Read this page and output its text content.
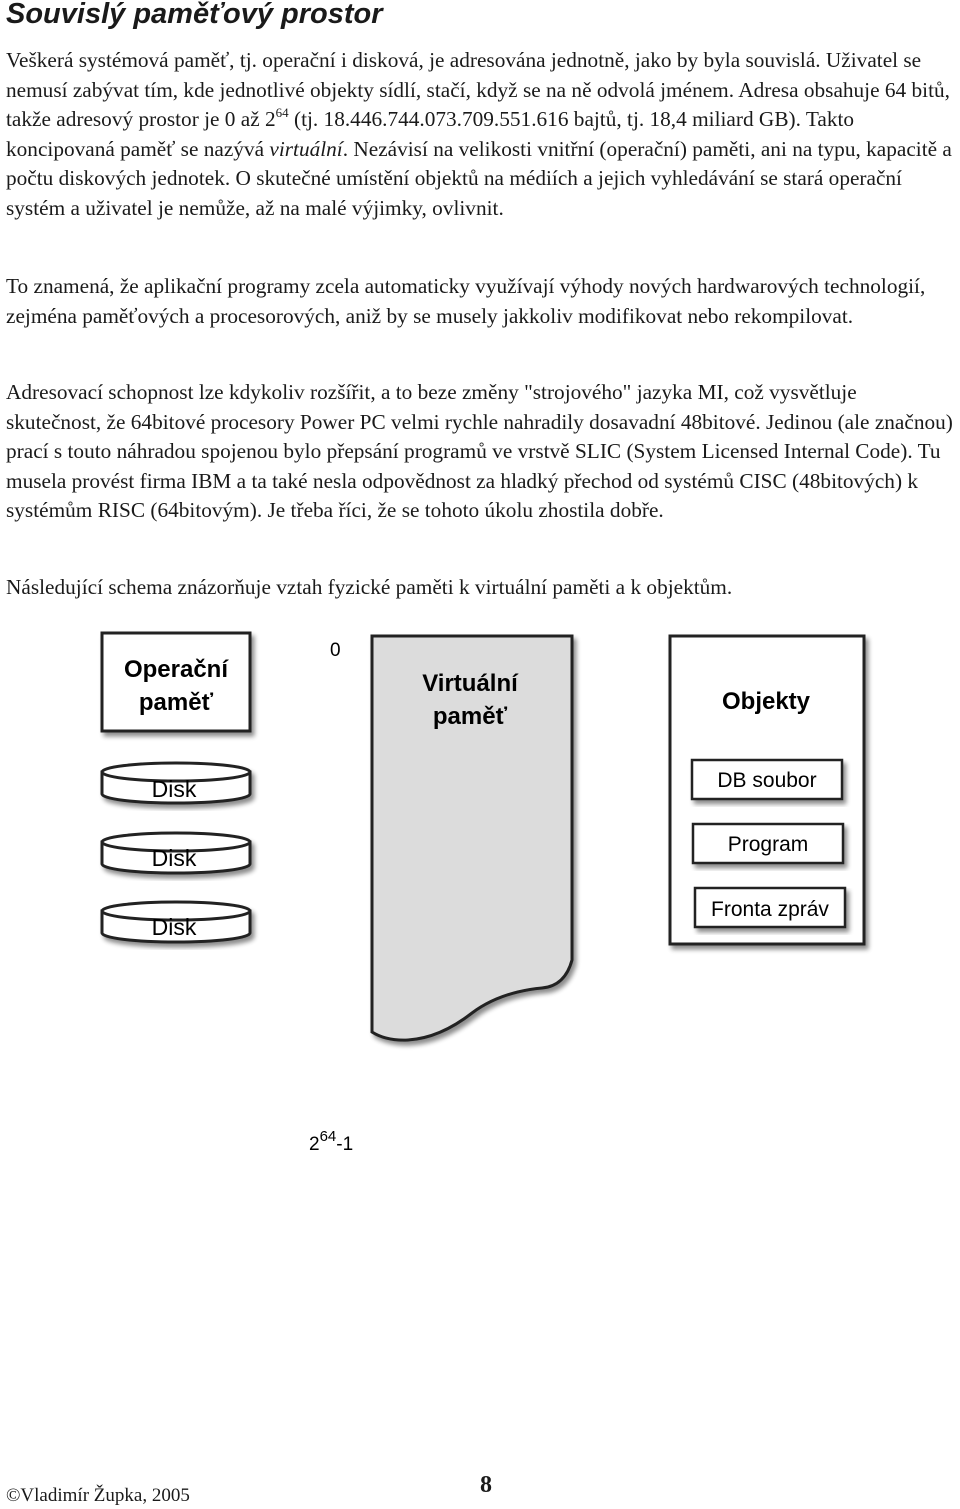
Souvislý paměťový prostor

Veškerá systémová paměť, tj. operační i disková, je adresována jednotně, jako by byla souvislá. Uživatel se nemusí zabývat tím, kde jednotlivé objekty sídlí, stačí, když se na ně odvolá jménem. Adresa obsahuje 64 bitů, takže adresový prostor je 0 až $2^{64}$ (tj. 18.446.744.073.709.551.616 bajtů, tj. 18,4 miliard GB). Takto koncipovaná paměť se nazývá virtuální. Nezávisí na velikosti vnitřní (operační) paměti, ani na typu, kapacitě a počtu diskových jednotek. O skutečné umístění objektů na médiích a jejich vyhledávání se stará operační systém a uživatel je nemůže, až na malé výjimky, ovlivnit.

To znamená, že aplikační programy zcela automaticky využívají výhody nových hardwarových technologií, zejména paměťových a procesorových, aniž by se musely jakkoliv modifikovat nebo rekompilovat.

Adresovací schopnost lze kdykoliv rozšířit, a to beze změny "strojového" jazyka MI, což vysvětluje skutečnost, že 64bitové procesory Power PC velmi rychle nahradily dosavadní 48bitové. Jedinou (ale značnou) prací s touto náhradou spojenou bylo přepsání programů ve vrstvě SLIC (System Licensed Internal Code). Tu musela provést firma IBM a ta také nesla odpovědnost za hladký přechod od systémů CISC (48bitových) k systémům RISC (64bitovým). Je třeba říci, že se tohoto úkolu zhostila dobře.

Následující schema znázorňuje vztah fyzické paměti k virtuální paměti a k objektům.

Operační
paměť
Disk
Disk
Disk
0
$2^{64}-1$
Virtuální
paměť
Objekty
DB soubor
Program
Fronta zpráv
©Vladimír Župka, 2005	8
